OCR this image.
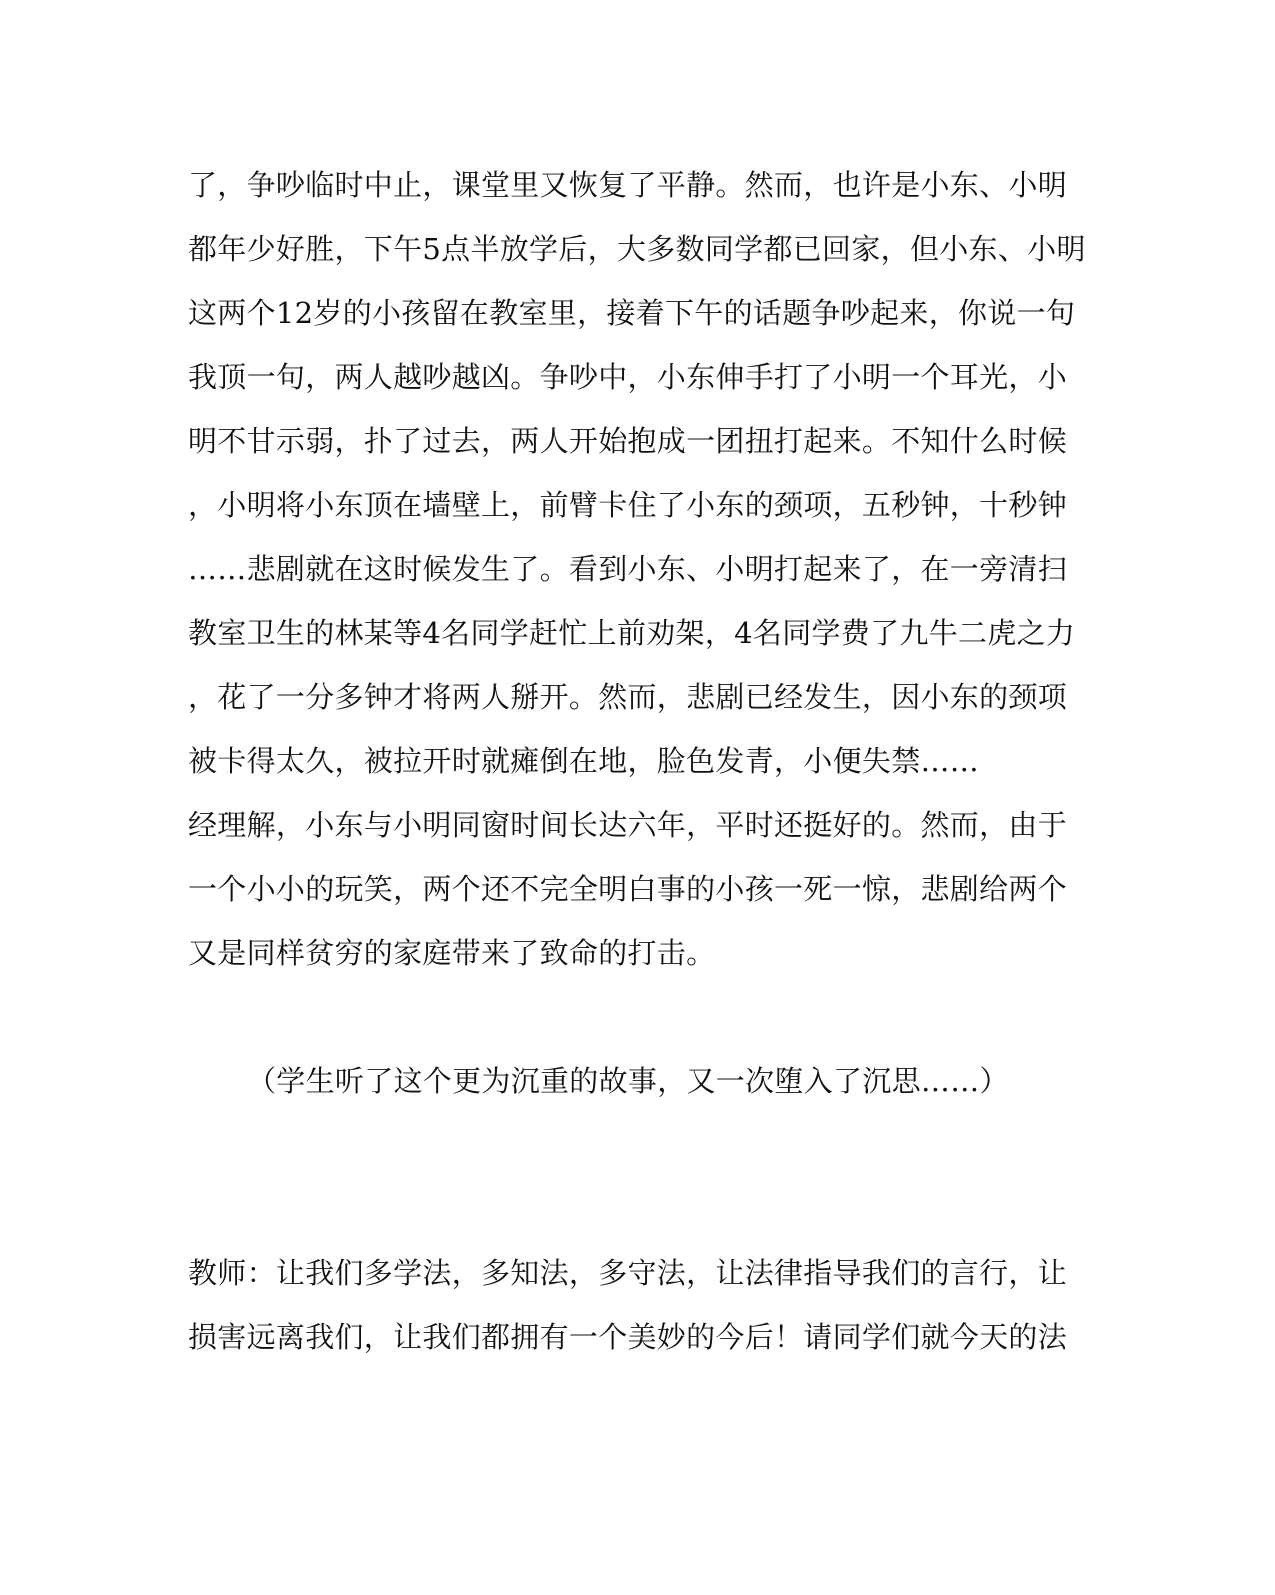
了，争吵临时中止，课堂里又恢复了平静。然而，也许是小东、小明
都年少好胜，下午5点半放学后，大多数同学都已回家，但小东、小明
这两个12岁的小孩留在教室里，接着下午的话题争吵起来，你说一句
我顶一句，两人越吵越凶。争吵中，小东伸手打了小明一个耳光，小
明不甘示弱，扑了过去，两人开始抱成一团扭打起来。不知什么时候
，小明将小东顶在墙壁上，前臂卡住了小东的颈项，五秒钟，十秒钟
……悲剧就在这时候发生了。看到小东、小明打起来了，在一旁清扫
教室卫生的林某等4名同学赶忙上前劝架，4名同学费了九牛二虎之力
，花了一分多钟才将两人掰开。然而，悲剧已经发生，因小东的颈项
被卡得太久，被拉开时就瘫倒在地，脸色发青，小便失禁……
经理解，小东与小明同窗时间长达六年，平时还挺好的。然而，由于
一个小小的玩笑，两个还不完全明白事的小孩一死一惊，悲剧给两个
又是同样贫穷的家庭带来了致命的打击。
（学生听了这个更为沉重的故事，又一次堕入了沉思……）
教师：让我们多学法，多知法，多守法，让法律指导我们的言行，让
损害远离我们，让我们都拥有一个美妙的今后！请同学们就今天的法
